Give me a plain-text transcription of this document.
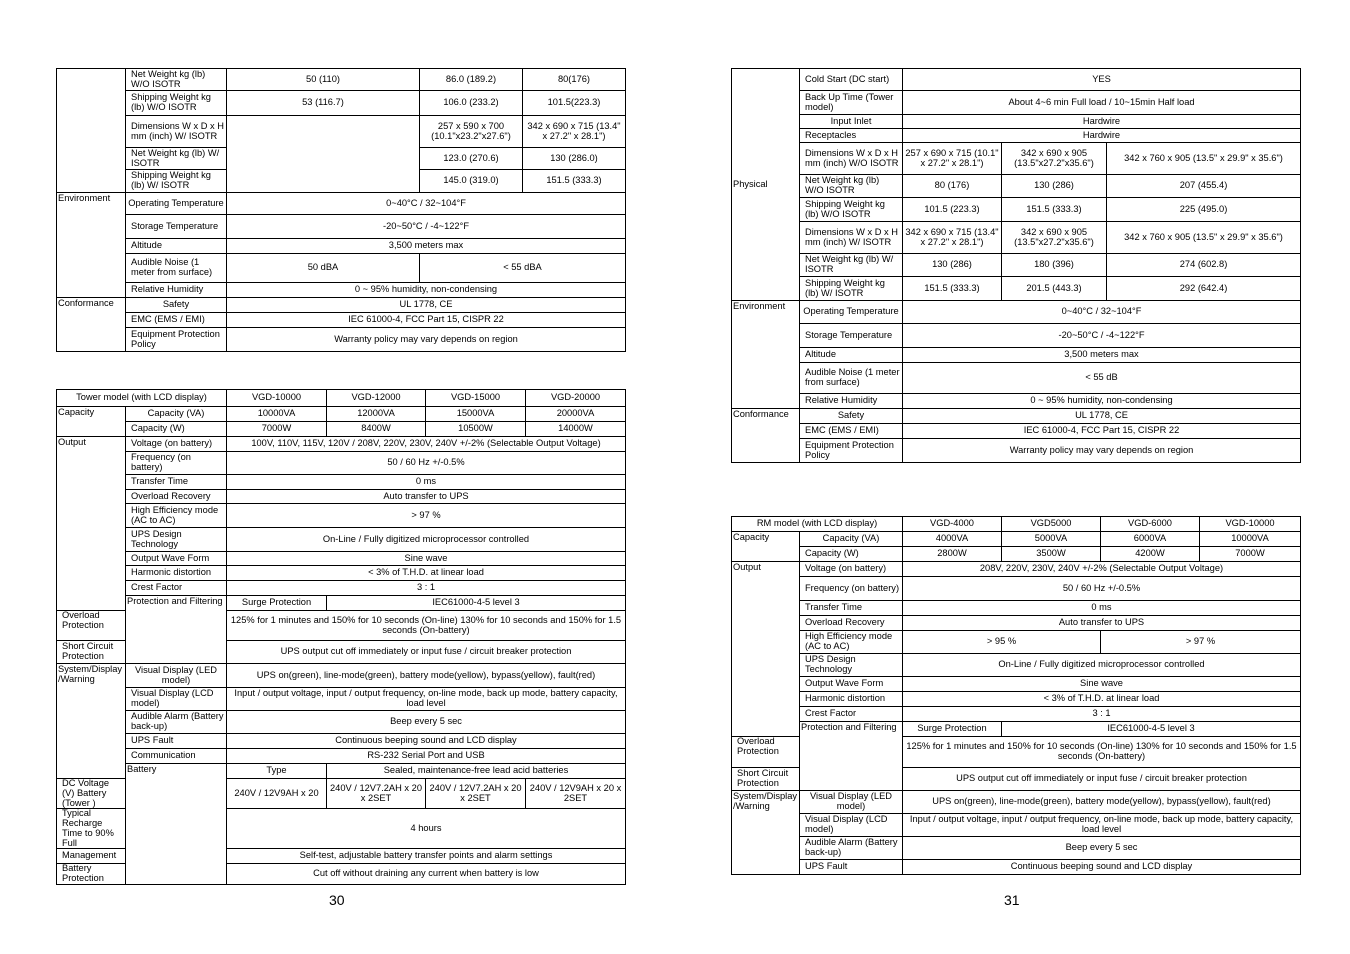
	Net Weight kg (lb) W/O ISOTR	50 (110)	86.0 (189.2)	80(176)
	Shipping Weight kg (lb) W/O ISOTR	53 (116.7)	106.0 (233.2)	101.5(223.3)
	Dimensions W x D x H mm (inch) W/ ISOTR		257 x 590 x 700 (10.1"x23.2"x27.6")	342 x 690 x 715 (13.4" x 27.2" x 28.1")
	Net Weight kg (lb) W/ ISOTR		123.0 (270.6)	130 (286.0)
	Shipping Weight kg (lb) W/ ISOTR		145.0 (319.0)	151.5 (333.3)
Environment	Operating Temperature	0~40°C / 32~104°F		
	Storage Temperature	-20~50°C / -4~122°F		
	Altitude	3,500 meters max		
	Audible Noise (1 meter from surface)	50 dBA	< 55 dBA	
	Relative Humidity	0 ~ 95% humidity, non-condensing		
Conformance	Safety	UL 1778, CE		
	EMC (EMS / EMI)	IEC 61000-4, FCC Part 15, CISPR 22		
	Equipment Protection Policy	Warranty policy may vary depends on region		
Tower model (with LCD display)		VGD-10000	VGD-12000	VGD-15000	VGD-20000
Capacity	Capacity (VA)	10000VA	12000VA	15000VA	20000VA
	Capacity (W)	7000W	8400W	10500W	14000W
Output	Voltage (on battery)	100V, 110V, 115V, 120V / 208V, 220V, 230V, 240V +/-2% (Selectable Output Voltage)			
	Frequency (on battery)	50 / 60 Hz +/-0.5%			
	Transfer Time	0 ms			
	Overload Recovery	Auto transfer to UPS			
	High Efficiency mode (AC to AC)	> 97 %			
	UPS Design Technology	On-Line / Fully digitized microprocessor controlled			
	Output Wave Form	Sine wave			
	Harmonic distortion	< 3% of T.H.D. at linear load			
	Crest Factor	3 : 1			
	Protection and Filtering	Surge Protection	IEC61000-4-5 level 3		
Overload Protection		125% for 1 minutes and 150% for 10 seconds (On-line) 130% for 10 seconds and 150% for 1.5 seconds (On-battery)			
Short Circuit Protection		UPS output cut off immediately or input fuse / circuit breaker protection			
System/Display /Warning	Visual Display (LED model)	UPS on(green), line-mode(green), battery mode(yellow), bypass(yellow), fault(red)			
	Visual Display (LCD model)	Input / output voltage, input / output frequency, on-line mode, back up mode, battery capacity, load level			
	Audible Alarm (Battery back-up)	Beep every 5 sec			
	UPS Fault	Continuous beeping sound and LCD display			
	Communication	RS-232 Serial Port and USB			
	Battery	Type	Sealed, maintenance-free lead acid batteries		
DC Voltage (V) Battery (Tower )		240V / 12V9AH x 20	240V / 12V7.2AH x 20 x 2SET	240V / 12V7.2AH x 20 x 2SET	240V / 12V9AH x 20 x 2SET
Typical Recharge Time to 90% Full		4 hours			
Management		Self-test, adjustable battery transfer points and alarm settings			
Battery Protection		Cut off without draining any current when battery is low			
Physical	Cold Start (DC start)	YES		
	Back Up Time (Tower model)	About 4~6 min Full load / 10~15min Half load		
	Input Inlet	Hardwire		
	Receptacles	Hardwire		
	Dimensions W x D x H mm (inch) W/O ISOTR	257 x 690 x 715 (10.1" x 27.2" x 28.1")	342 x 690 x 905 (13.5"x27.2"x35.6")	342 x 760 x 905 (13.5" x 29.9" x 35.6")
	Net Weight kg (lb) W/O ISOTR	80 (176)	130 (286)	207 (455.4)
	Shipping Weight kg (lb) W/O ISOTR	101.5 (223.3)	151.5 (333.3)	225 (495.0)
	Dimensions W x D x H mm (inch) W/ ISOTR	342 x 690 x 715 (13.4" x 27.2" x 28.1")	342 x 690 x 905 (13.5"x27.2"x35.6")	342 x 760 x 905 (13.5" x 29.9" x 35.6")
	Net Weight kg (lb) W/ ISOTR	130 (286)	180 (396)	274 (602.8)
	Shipping Weight kg (lb) W/ ISOTR	151.5 (333.3)	201.5 (443.3)	292 (642.4)
Environment	Operating Temperature	0~40°C / 32~104°F		
	Storage Temperature	-20~50°C / -4~122°F		
	Altitude	3,500 meters max		
	Audible Noise (1 meter from surface)	< 55 dB		
	Relative Humidity	0 ~ 95% humidity, non-condensing		
Conformance	Safety	UL 1778, CE		
	EMC (EMS / EMI)	IEC 61000-4, FCC Part 15, CISPR 22		
	Equipment Protection Policy	Warranty policy may vary depends on region		
RM model (with LCD display)		VGD-4000	VGD5000	VGD-6000	VGD-10000
Capacity	Capacity (VA)	4000VA	5000VA	6000VA	10000VA
	Capacity (W)	2800W	3500W	4200W	7000W
Output	Voltage (on battery)	208V, 220V, 230V, 240V +/-2% (Selectable Output Voltage)			
	Frequency (on battery)	50 / 60 Hz +/-0.5%			
	Transfer Time	0 ms			
	Overload Recovery	Auto transfer to UPS			
	High Efficiency mode (AC to AC)	> 95 %		> 97 %	
	UPS Design Technology	On-Line / Fully digitized microprocessor controlled			
	Output Wave Form	Sine wave			
	Harmonic distortion	< 3% of T.H.D. at linear load			
	Crest Factor	3 : 1			
	Protection and Filtering	Surge Protection	IEC61000-4-5 level 3		
Overload Protection		125% for 1 minutes and 150% for 10 seconds (On-line) 130% for 10 seconds and 150% for 1.5 seconds (On-battery)			
Short Circuit Protection		UPS output cut off immediately or input fuse / circuit breaker protection			
System/Display /Warning	Visual Display (LED model)	UPS on(green), line-mode(green), battery mode(yellow), bypass(yellow), fault(red)			
	Visual Display (LCD model)	Input / output voltage, input / output frequency, on-line mode, back up mode, battery capacity, load level			
	Audible Alarm (Battery back-up)	Beep every 5 sec			
	UPS Fault	Continuous beeping sound and LCD display			
30	31
